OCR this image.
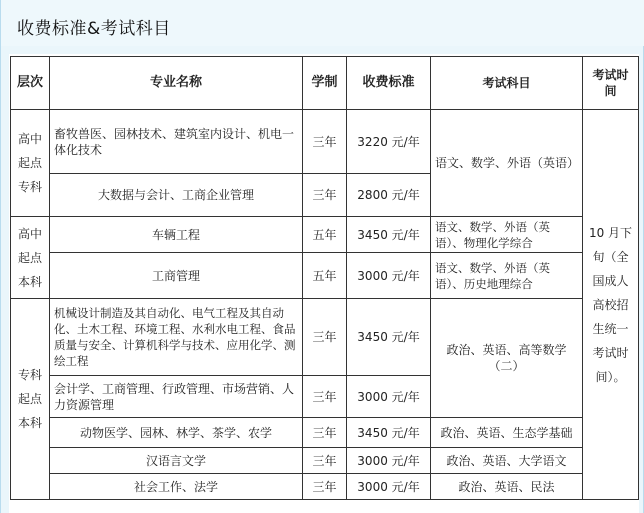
收费标准&考试科目
层次	专业名称	学制	收费标准	考试科目	考试时间
高中
起点
专科	畜牧兽医、园林技术、建筑室内设计、机电一体化技术	三年	3220 元/年	语文、数学、外语（英语）	10 月下旬（全国成人高校招生统一考试时间）。
	大数据与会计、工商企业管理	三年	2800 元/年		
高中
起点
本科	车辆工程	五年	3450 元/年	语文、数学、外语（英语）、物理化学综合	
	工商管理	五年	3000 元/年	语文、数学、外语（英语）、历史地理综合	
专科
起点
本科	机械设计制造及其自动化、电气工程及其自动化、土木工程、环境工程、水利水电工程、食品质量与安全、计算机科学与技术、应用化学、测绘工程	三年	3450 元/年	政治、英语、高等数学（二）	
	会计学、工商管理、行政管理、市场营销、人力资源管理	三年	3000 元/年		
	动物医学、园林、林学、茶学、农学	三年	3450 元/年	政治、英语、生态学基础	
	汉语言文学	三年	3000 元/年	政治、英语、大学语文	
	社会工作、法学	三年	3000 元/年	政治、英语、民法	
